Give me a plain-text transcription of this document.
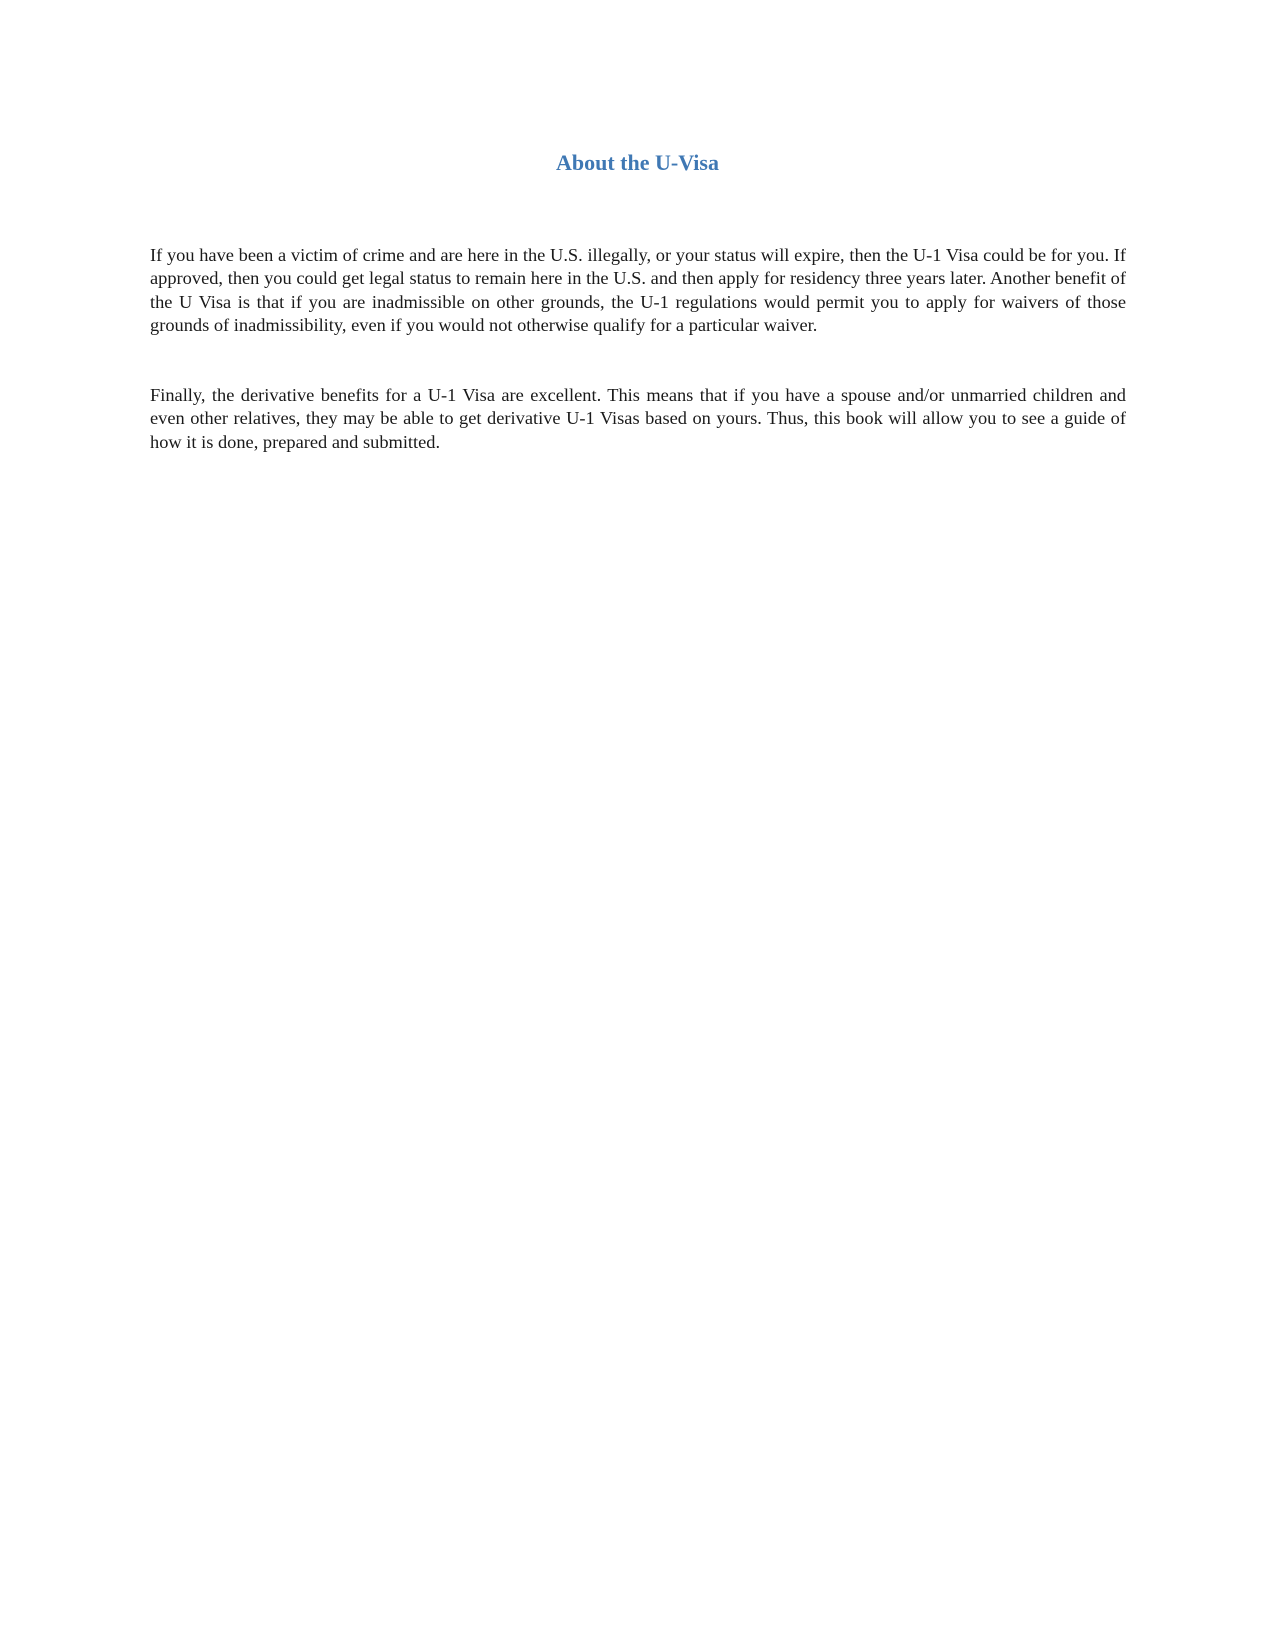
About the U-Visa

If you have been a victim of crime and are here in the U.S. illegally, or your status will expire, then the U-1 Visa could be for you. If approved, then you could get legal status to remain here in the U.S. and then apply for residency three years later. Another benefit of the U Visa is that if you are inadmissible on other grounds, the U-1 regulations would permit you to apply for waivers of those grounds of inadmissibility, even if you would not otherwise qualify for a particular waiver.

Finally, the derivative benefits for a U-1 Visa are excellent. This means that if you have a spouse and/or unmarried children and even other relatives, they may be able to get derivative U-1 Visas based on yours. Thus, this book will allow you to see a guide of how it is done, prepared and submitted.
